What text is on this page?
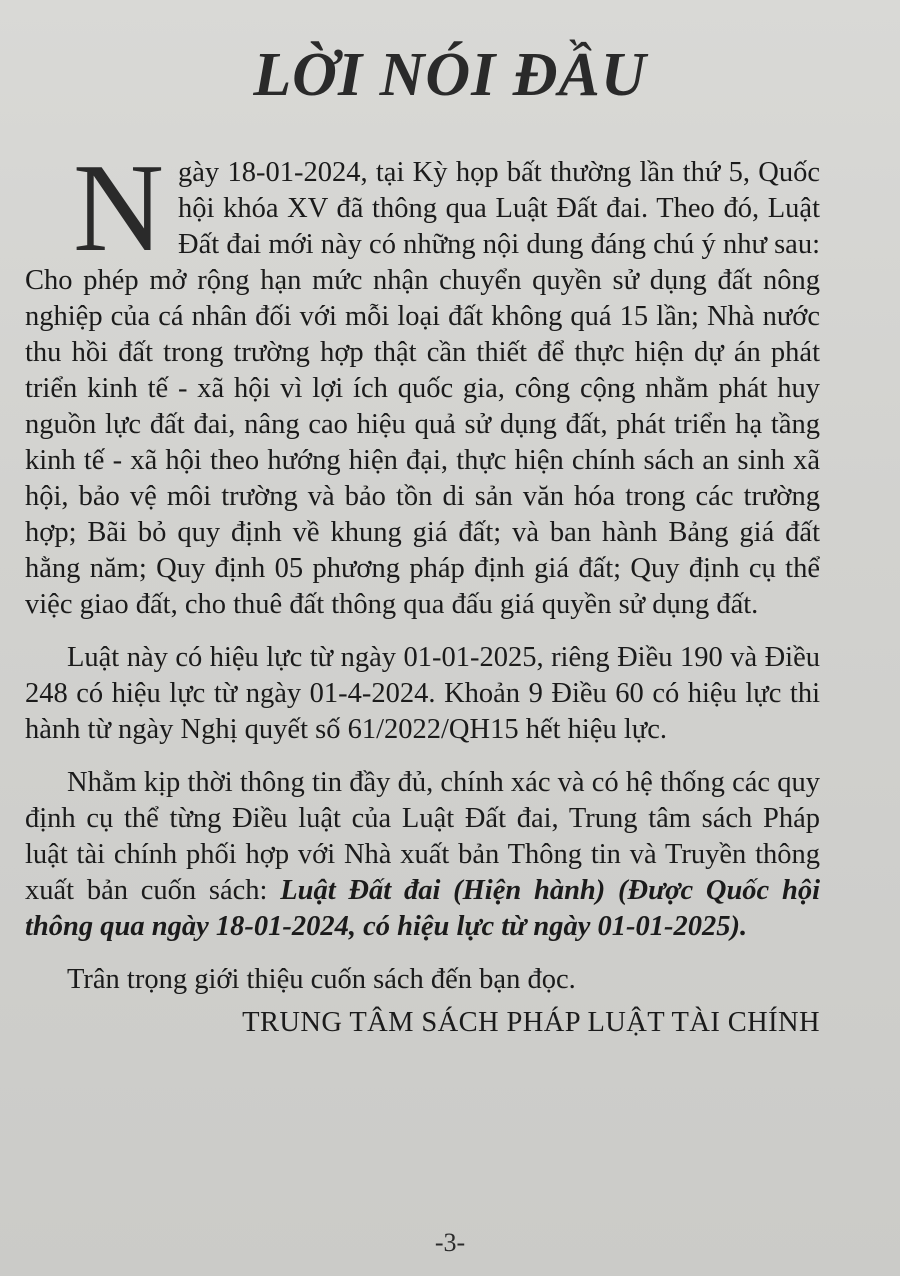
LỜI NÓI ĐẦU

Ngày 18-01-2024, tại Kỳ họp bất thường lần thứ 5, Quốc hội khóa XV đã thông qua Luật Đất đai. Theo đó, Luật Đất đai mới này có những nội dung đáng chú ý như sau: Cho phép mở rộng hạn mức nhận chuyển quyền sử dụng đất nông nghiệp của cá nhân đối với mỗi loại đất không quá 15 lần; Nhà nước thu hồi đất trong trường hợp thật cần thiết để thực hiện dự án phát triển kinh tế - xã hội vì lợi ích quốc gia, công cộng nhằm phát huy nguồn lực đất đai, nâng cao hiệu quả sử dụng đất, phát triển hạ tầng kinh tế - xã hội theo hướng hiện đại, thực hiện chính sách an sinh xã hội, bảo vệ môi trường và bảo tồn di sản văn hóa trong các trường hợp; Bãi bỏ quy định về khung giá đất; và ban hành Bảng giá đất hằng năm; Quy định 05 phương pháp định giá đất; Quy định cụ thể việc giao đất, cho thuê đất thông qua đấu giá quyền sử dụng đất.

Luật này có hiệu lực từ ngày 01-01-2025, riêng Điều 190 và Điều 248 có hiệu lực từ ngày 01-4-2024. Khoản 9 Điều 60 có hiệu lực thi hành từ ngày Nghị quyết số 61/2022/QH15 hết hiệu lực.

Nhằm kịp thời thông tin đầy đủ, chính xác và có hệ thống các quy định cụ thể từng Điều luật của Luật Đất đai, Trung tâm sách Pháp luật tài chính phối hợp với Nhà xuất bản Thông tin và Truyền thông xuất bản cuốn sách: Luật Đất đai (Hiện hành) (Được Quốc hội thông qua ngày 18-01-2024, có hiệu lực từ ngày 01-01-2025).

Trân trọng giới thiệu cuốn sách đến bạn đọc.

TRUNG TÂM SÁCH PHÁP LUẬT TÀI CHÍNH

-3-
